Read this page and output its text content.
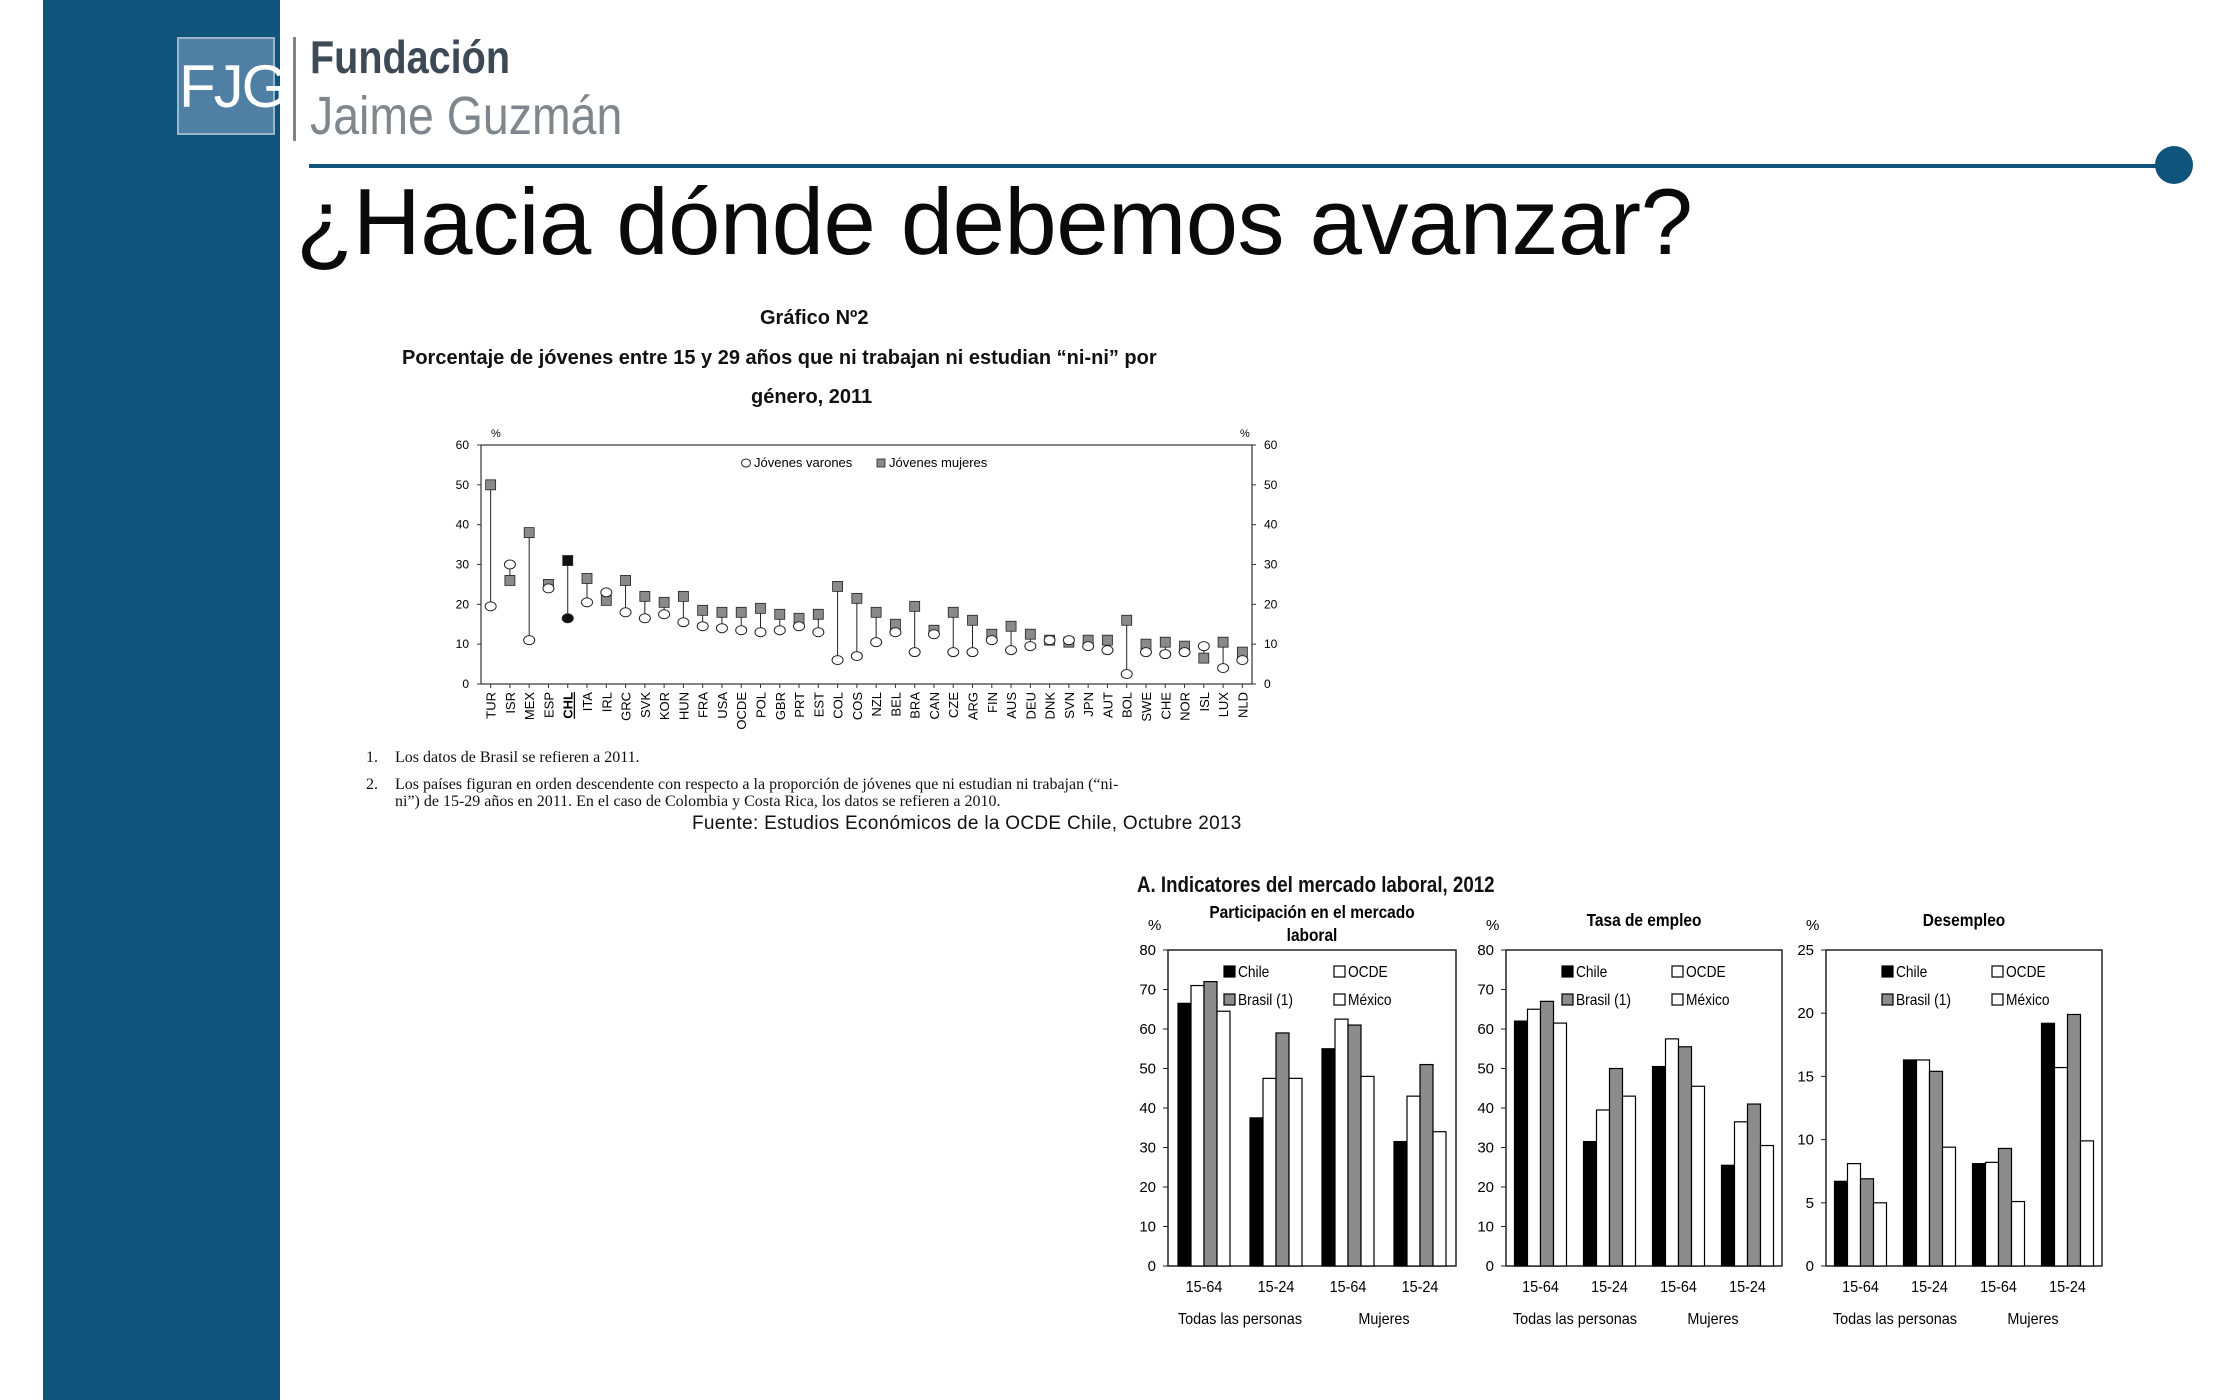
FJG Fundación
Jaime Guzmán
¿Hacia dónde debemos avanzar?
Gráfico Nº2
Porcentaje de jóvenes entre 15 y 29 años que ni trabajan ni estudian “ni-ni” por
género, 2011
%	%
0	0
10	10
20	20
30	30
40	40
50	50
60	60
TUR ISR MEX ESP CHL ITA IRL GRC SVK KOR HUN FRA USA OCDE POL GBR PRT EST COL COS NZL BEL BRA CAN CZE ARG FIN AUS DEU DNK SVN JPN AUT BOL SWE CHE NOR ISL LUX NLD
Jóvenes varones	Jóvenes mujeres
1. Los datos de Brasil se refieren a 2011.
2. Los países figuran en orden descendente con respecto a la proporción de jóvenes que ni estudian ni trabajan (“ni-
ni”) de 15-29 años en 2011. En el caso de Colombia y Costa Rica, los datos se refieren a 2010.
Fuente: Estudios Económicos de la OCDE Chile, Octubre 2013
A. Indicatores del mercado laboral, 2012
Participación en el mercado
laboral
%
0
10
20
30
40
50
60
70
80
15-64 15-24 15-64 15-24
Todas las personas	Mujeres
Chile	OCDE
Brasil (1)	México
Tasa de empleo
%
0
10
20
30
40
50
60
70
80
15-64 15-24 15-64 15-24
Todas las personas	Mujeres
Chile	OCDE
Brasil (1)	México
Desempleo
%
0
5
10
15
20
25
15-64 15-24 15-64 15-24
Todas las personas	Mujeres
Chile	OCDE
Brasil (1)	México
